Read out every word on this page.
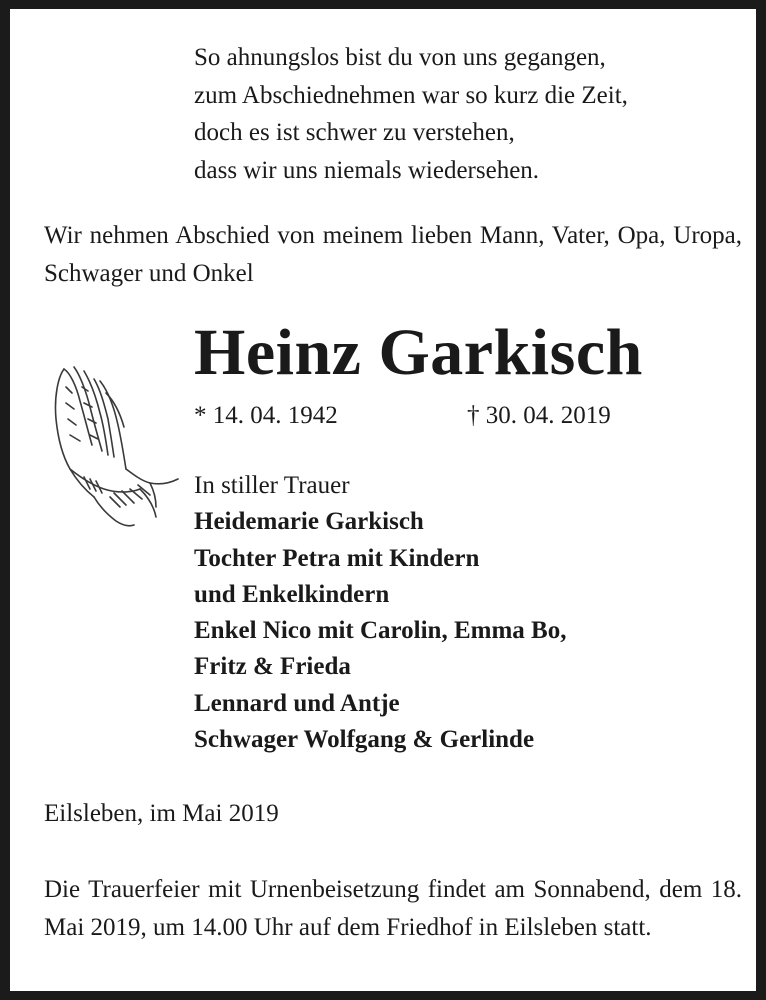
So ahnungslos bist du von uns gegangen,
zum Abschiednehmen war so kurz die Zeit,
doch es ist schwer zu verstehen,
dass wir uns niemals wiedersehen.
Wir nehmen Abschied von meinem lieben Mann, Vater, Opa, Uropa, Schwager und Onkel
Heinz Garkisch
* 14. 04. 1942	† 30. 04. 2019
In stiller Trauer
Heidemarie Garkisch
Tochter Petra mit Kindern
und Enkelkindern
Enkel Nico mit Carolin, Emma Bo,
Fritz & Frieda
Lennard und Antje
Schwager Wolfgang & Gerlinde
Eilsleben, im Mai 2019
Die Trauerfeier mit Urnenbeisetzung findet am Sonnabend, dem 18. Mai 2019, um 14.00 Uhr auf dem Friedhof in Eilsleben statt.
